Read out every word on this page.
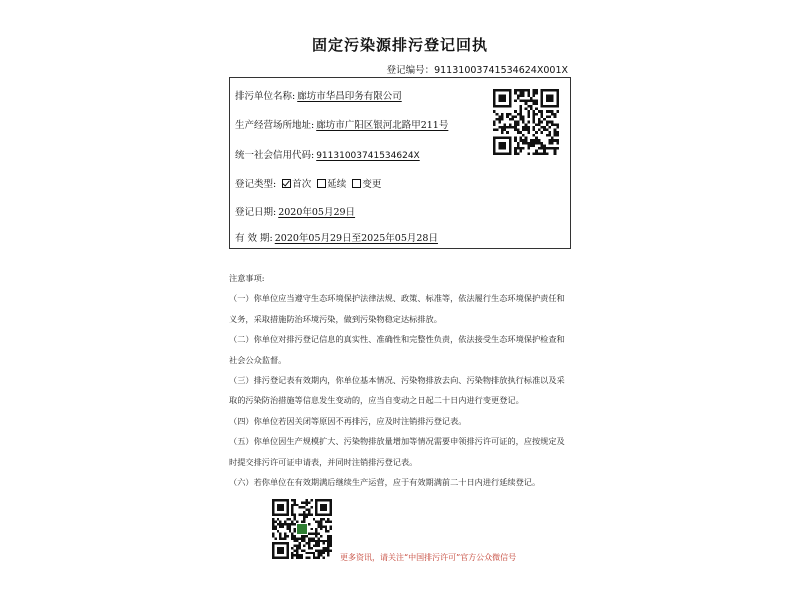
固定污染源排污登记回执
登记编号：91131003741534624X001X
排污单位名称: 廊坊市华昌印务有限公司
生产经营场所地址: 廊坊市广阳区银河北路甲211号
统一社会信用代码: 91131003741534624X
登记类型: 首次 延续 变更
登记日期: 2020年05月29日
有 效 期: 2020年05月29日至2025年05月28日

注意事项:

（一）你单位应当遵守生态环境保护法律法规、政策、标准等，依法履行生态环境保护责任和义务，采取措施防治环境污染，做到污染物稳定达标排放。

（二）你单位对排污登记信息的真实性、准确性和完整性负责，依法接受生态环境保护检查和社会公众监督。

（三）排污登记表有效期内，你单位基本情况、污染物排放去向、污染物排放执行标准以及采取的污染防治措施等信息发生变动的，应当自变动之日起二十日内进行变更登记。

（四）你单位若因关闭等原因不再排污，应及时注销排污登记表。

（五）你单位因生产规模扩大、污染物排放量增加等情况需要申领排污许可证的，应按规定及时提交排污许可证申请表，并同时注销排污登记表。

（六）若你单位在有效期满后继续生产运营，应于有效期满前二十日内进行延续登记。

更多资讯，请关注“中国排污许可”官方公众微信号
